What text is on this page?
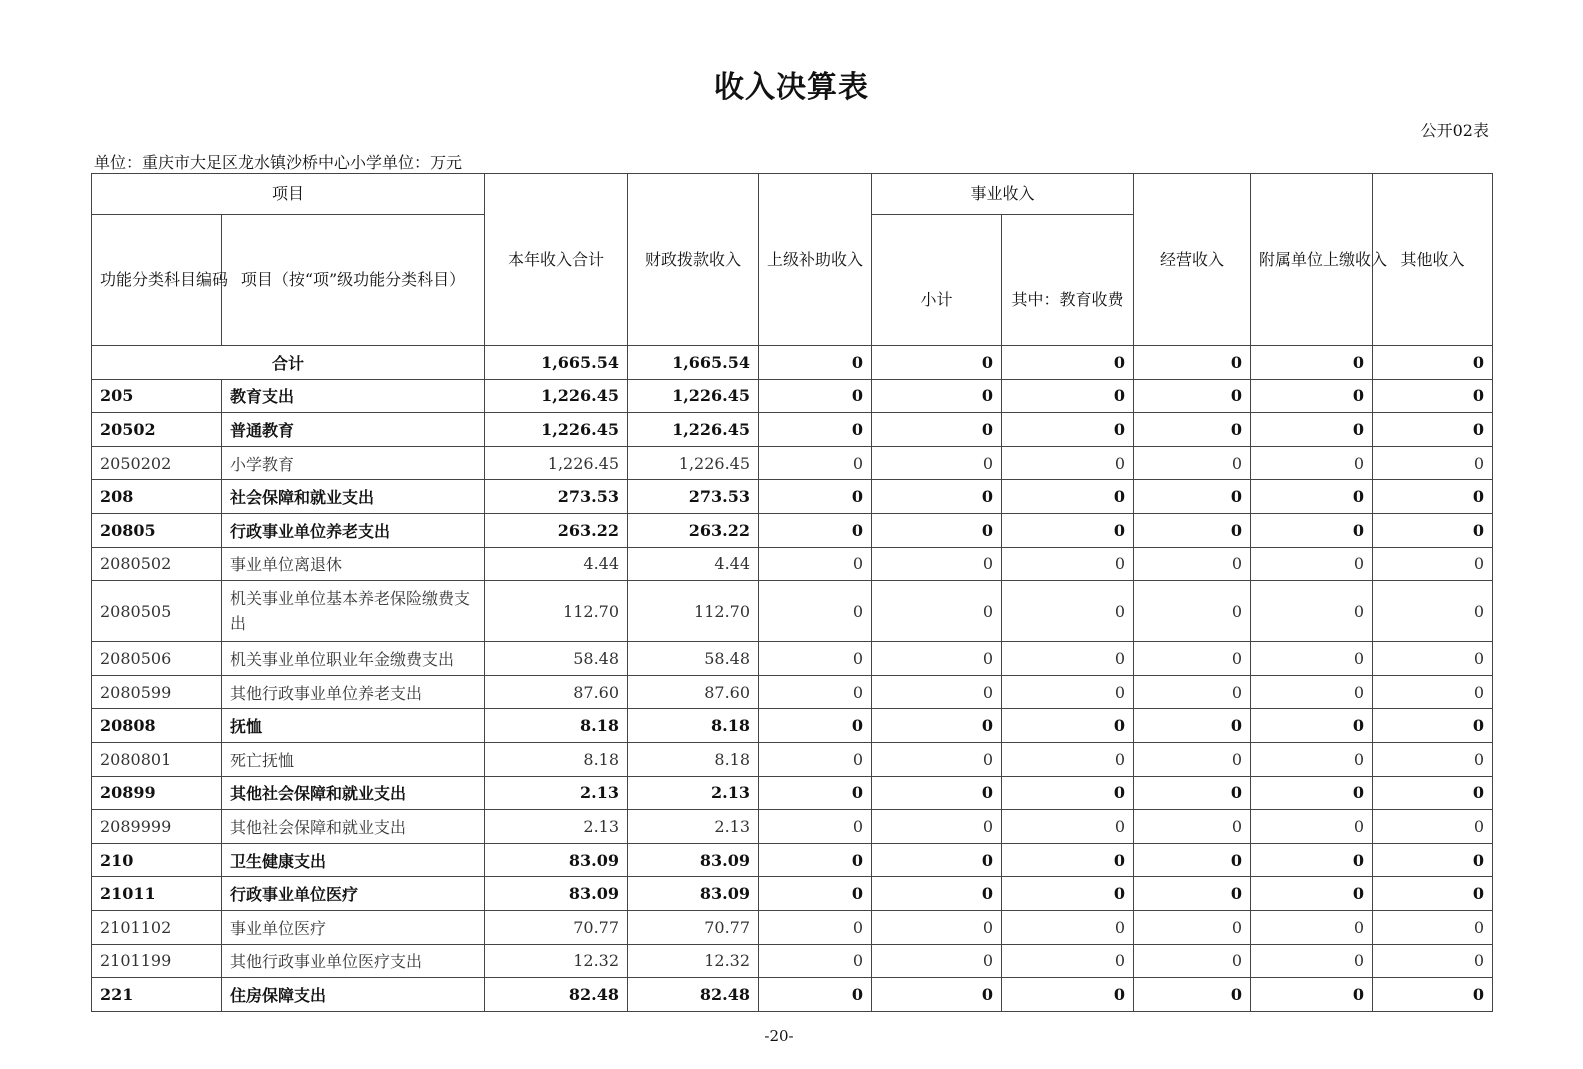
收入决算表
公开02表
单位：重庆市大足区龙水镇沙桥中心小学单位：万元
项目		本年收入合计	财政拨款收入	上级补助收入	事业收入		经营收入	附属单位上缴收入	其他收入
功能分类科目编码	项目（按“项”级功能分类科目）				小计	其中：教育收费			
合计		1,665.54	1,665.54	0	0	0	0	0	0
205	教育支出	1,226.45	1,226.45	0	0	0	0	0	0
20502	普通教育	1,226.45	1,226.45	0	0	0	0	0	0
2050202	小学教育	1,226.45	1,226.45	0	0	0	0	0	0
208	社会保障和就业支出	273.53	273.53	0	0	0	0	0	0
20805	行政事业单位养老支出	263.22	263.22	0	0	0	0	0	0
2080502	事业单位离退休	4.44	4.44	0	0	0	0	0	0
2080505	机关事业单位基本养老保险缴费支出	112.70	112.70	0	0	0	0	0	0
2080506	机关事业单位职业年金缴费支出	58.48	58.48	0	0	0	0	0	0
2080599	其他行政事业单位养老支出	87.60	87.60	0	0	0	0	0	0
20808	抚恤	8.18	8.18	0	0	0	0	0	0
2080801	死亡抚恤	8.18	8.18	0	0	0	0	0	0
20899	其他社会保障和就业支出	2.13	2.13	0	0	0	0	0	0
2089999	其他社会保障和就业支出	2.13	2.13	0	0	0	0	0	0
210	卫生健康支出	83.09	83.09	0	0	0	0	0	0
21011	行政事业单位医疗	83.09	83.09	0	0	0	0	0	0
2101102	事业单位医疗	70.77	70.77	0	0	0	0	0	0
2101199	其他行政事业单位医疗支出	12.32	12.32	0	0	0	0	0	0
221	住房保障支出	82.48	82.48	0	0	0	0	0	0
-20-
